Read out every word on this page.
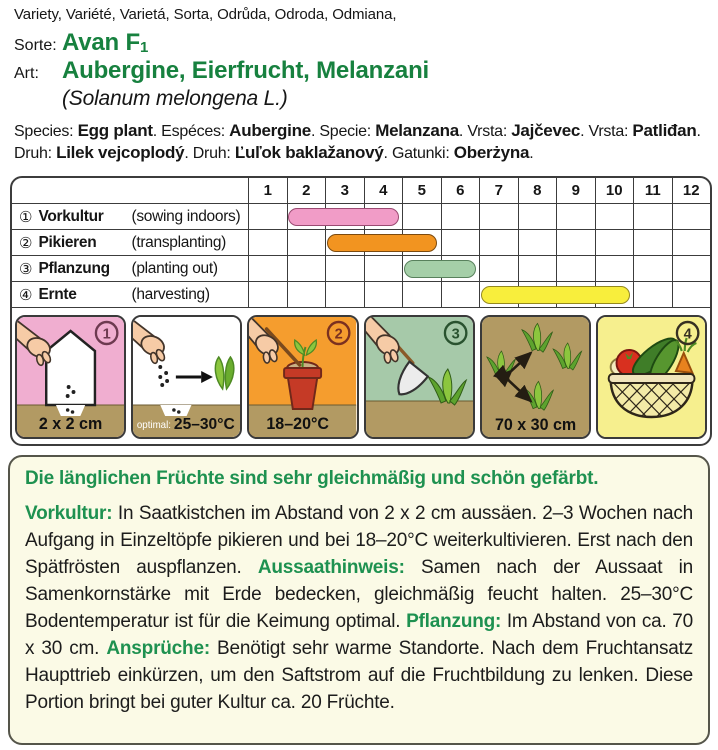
Variety, Variété, Varietá, Sorta, Odrůda, Odroda, Odmiana,
Sorte: Avan $F_1$
Art: Aubergine, Eierfrucht, Melanzani
(Solanum melongena L.)
Species: Egg plant. Espéces: Aubergine. Specie: Melanzana. Vrsta: Jajčevec. Vrsta: Patliđan.
Druh: Lilek vejcoplodý. Druh: Ľuľok baklažanový. Gatunki: Oberżyna.
1	2	3	4	5	6	7	8	9	10	11	12
① Vorkultur	(sowing indoors)
② Pikieren	(transplanting)
③ Pflanzung	(planting out)
④ Ernte	(harvesting)
1
2 x 2 cm	optimal: 25–30°C
2
18–20°C
3
70 x 30 cm
4
Die länglichen Früchte sind sehr gleichmäßig und schön gefärbt.
Vorkultur: In Saatkistchen im Abstand von 2 x 2 cm aussäen. 2–3 Wochen nach Aufgang in Einzeltöpfe pikieren und bei 18–20°C weiterkultivieren. Erst nach den Spätfrösten auspflanzen. Aussaathinweis: Samen nach der Aussaat in Samenkornstärke mit Erde bedecken, gleichmäßig feucht halten. 25–30°C Bodentemperatur ist für die Keimung optimal. Pflanzung: Im Abstand von ca. 70 x 30 cm. Ansprüche: Benötigt sehr warme Standorte. Nach dem Fruchtansatz Haupttrieb einkürzen, um den Saftstrom auf die Fruchtbildung zu lenken. Diese Portion bringt bei guter Kultur ca. 20 Früchte.
